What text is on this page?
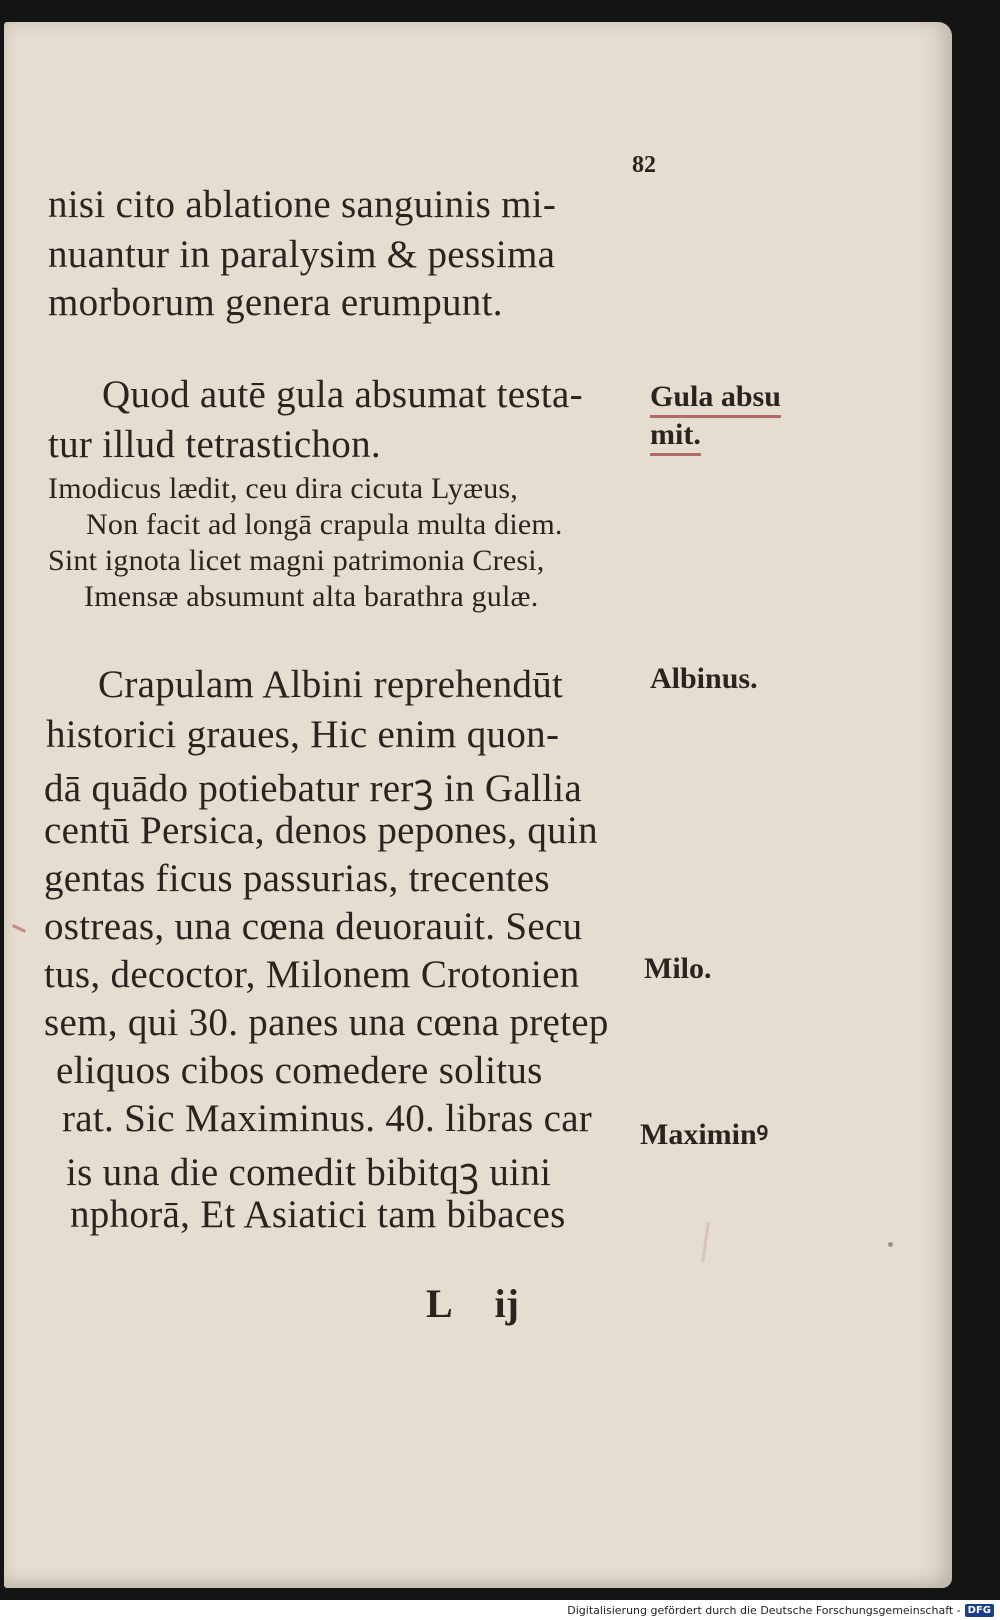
82
nisi cito ablatione sanguinis mi-
nuantur in paralysim & pessima
morborum genera erumpunt.
Quod autē gula absumat testa-
tur illud tetrastichon.
Imodicus lædit, ceu dira cicuta Lyæus,
Non facit ad longā crapula multa diem.
Sint ignota licet magni patrimonia Cresi,
Imensæ absumunt alta barathra gulæ.
Crapulam Albini reprehendūt
historici graues, Hic enim quon-
dā quādo potiebatur rerꝫ in Gallia
centū Persica, denos pepones, quin
gentas ficus passurias, trecentes
ostreas, una cœna deuorauit. Secu
tus, decoctor, Milonem Crotonien
sem, qui 30. panes una cœna prętер
eliquos cibos comedere solitus
rat. Sic Maximinus. 40. libras car
is una die comedit bibitqꝫ uini
nphorā, Et Asiatici tam bibaces
Gula absu
mit.
Albinus.
Milo.
Maximinꝰ
L ij
Digitalisierung gefördert durch die Deutsche Forschungsgemeinschaft - DFG
